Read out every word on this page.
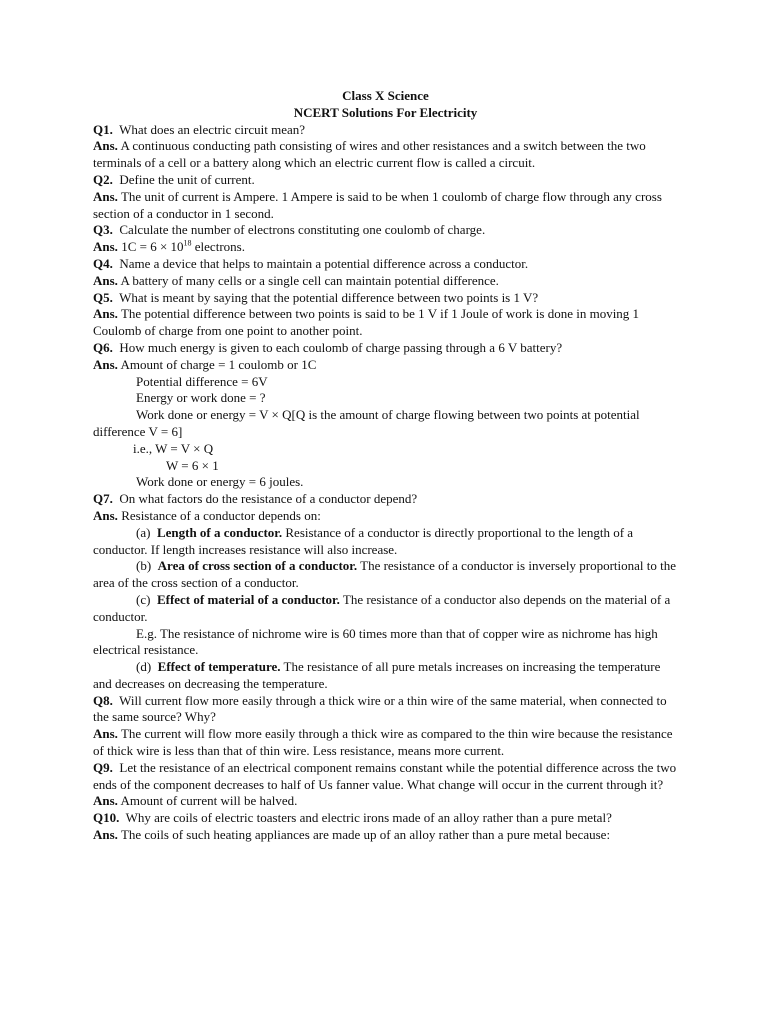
Class X Science
NCERT Solutions For Electricity

Q1. What does an electric circuit mean?

Ans. A continuous conducting path consisting of wires and other resistances and a switch between the two terminals of a cell or a battery along which an electric current flow is called a circuit.

Q2. Define the unit of current.

Ans. The unit of current is Ampere. 1 Ampere is said to be when 1 coulomb of charge flow through any cross section of a conductor in 1 second.

Q3. Calculate the number of electrons constituting one coulomb of charge.

Ans. $1C = 6 \times 10^{18}$ electrons.

Q4. Name a device that helps to maintain a potential difference across a conductor.

Ans. A battery of many cells or a single cell can maintain potential difference.

Q5. What is meant by saying that the potential difference between two points is 1 V?

Ans. The potential difference between two points is said to be 1 V if 1 Joule of work is done in moving 1 Coulomb of charge from one point to another point.

Q6. How much energy is given to each coulomb of charge passing through a 6 V battery?

Ans. Amount of charge = 1 coulomb or 1C

Potential difference = 6V

Energy or work done = ?

Work done or energy = V × Q[Q is the amount of charge flowing between two points at potential difference V = 6]

i.e., W = V × Q

W = 6 × 1

Work done or energy = 6 joules.

Q7. On what factors do the resistance of a conductor depend?

Ans. Resistance of a conductor depends on:

(a) Length of a conductor. Resistance of a conductor is directly proportional to the length of a conductor. If length increases resistance will also increase.

(b) Area of cross section of a conductor. The resistance of a conductor is inversely proportional to the area of the cross section of a conductor.

(c) Effect of material of a conductor. The resistance of a conductor also depends on the material of a conductor.

E.g. The resistance of nichrome wire is 60 times more than that of copper wire as nichrome has high electrical resistance.

(d) Effect of temperature. The resistance of all pure metals increases on increasing the temperature and decreases on decreasing the temperature.

Q8. Will current flow more easily through a thick wire or a thin wire of the same material, when connected to the same source? Why?

Ans. The current will flow more easily through a thick wire as compared to the thin wire because the resistance of thick wire is less than that of thin wire. Less resistance, means more current.

Q9. Let the resistance of an electrical component remains constant while the potential difference across the two ends of the component decreases to half of Us fanner value. What change will occur in the current through it?

Ans. Amount of current will be halved.

Q10. Why are coils of electric toasters and electric irons made of an alloy rather than a pure metal?

Ans. The coils of such heating appliances are made up of an alloy rather than a pure metal because:
